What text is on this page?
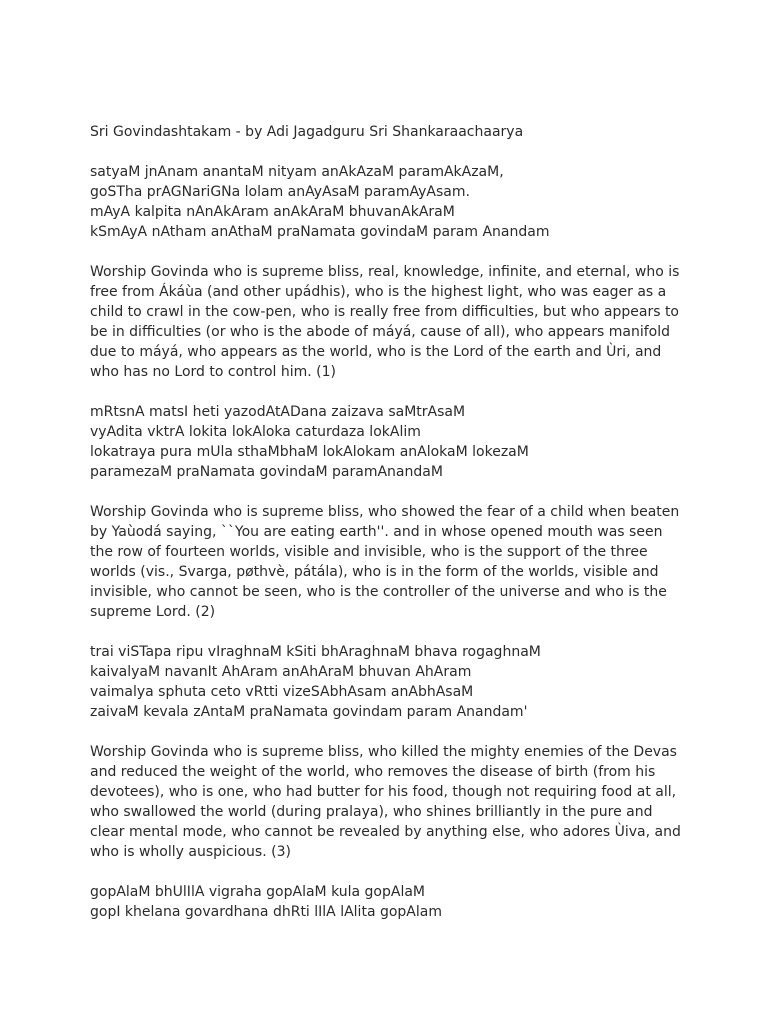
Sri Govindashtakam - by Adi Jagadguru Sri Shankaraachaarya
satyaM jnAnam anantaM nityam anAkAzaM paramAkAzaM,
goSTha prAGNariGNa lolam anAyAsaM paramAyAsam.
mAyA kalpita nAnAkAram anAkAraM bhuvanAkAraM
kSmAyA nAtham anAthaM praNamata govindaM param Anandam
Worship Govinda who is supreme bliss, real, knowledge, infinite, and eternal, who is
free from Ákáùa (and other upádhis), who is the highest light, who was eager as a
child to crawl in the cow-pen, who is really free from difficulties, but who appears to
be in difficulties (or who is the abode of máyá, cause of all), who appears manifold
due to máyá, who appears as the world, who is the Lord of the earth and Ùri, and
who has no Lord to control him. (1)
mRtsnA matsI heti yazodAtADana zaizava saMtrAsaM
vyAdita vktrA lokita lokAloka caturdaza lokAlim
lokatraya pura mUla sthaMbhaM lokAlokam anAlokaM lokezaM
paramezaM praNamata govindaM paramAnandaM
Worship Govinda who is supreme bliss, who showed the fear of a child when beaten
by Yaùodá saying, ``You are eating earth''. and in whose opened mouth was seen
the row of fourteen worlds, visible and invisible, who is the support of the three
worlds (vis., Svarga, pøthvè, pátála), who is in the form of the worlds, visible and
invisible, who cannot be seen, who is the controller of the universe and who is the
supreme Lord. (2)
trai viSTapa ripu vIraghnaM kSiti bhAraghnaM bhava rogaghnaM
kaivalyaM navanIt AhAram anAhAraM bhuvan AhAram
vaimalya sphuta ceto vRtti vizeSAbhAsam anAbhAsaM
zaivaM kevala zAntaM praNamata govindam param Anandam'
Worship Govinda who is supreme bliss, who killed the mighty enemies of the Devas
and reduced the weight of the world, who removes the disease of birth (from his
devotees), who is one, who had butter for his food, though not requiring food at all,
who swallowed the world (during pralaya), who shines brilliantly in the pure and
clear mental mode, who cannot be revealed by anything else, who adores Ùiva, and
who is wholly auspicious. (3)
gopAlaM bhUlIlA vigraha gopAlaM kula gopAlaM
gopI khelana govardhana dhRti lIlA lAlita gopAlam
